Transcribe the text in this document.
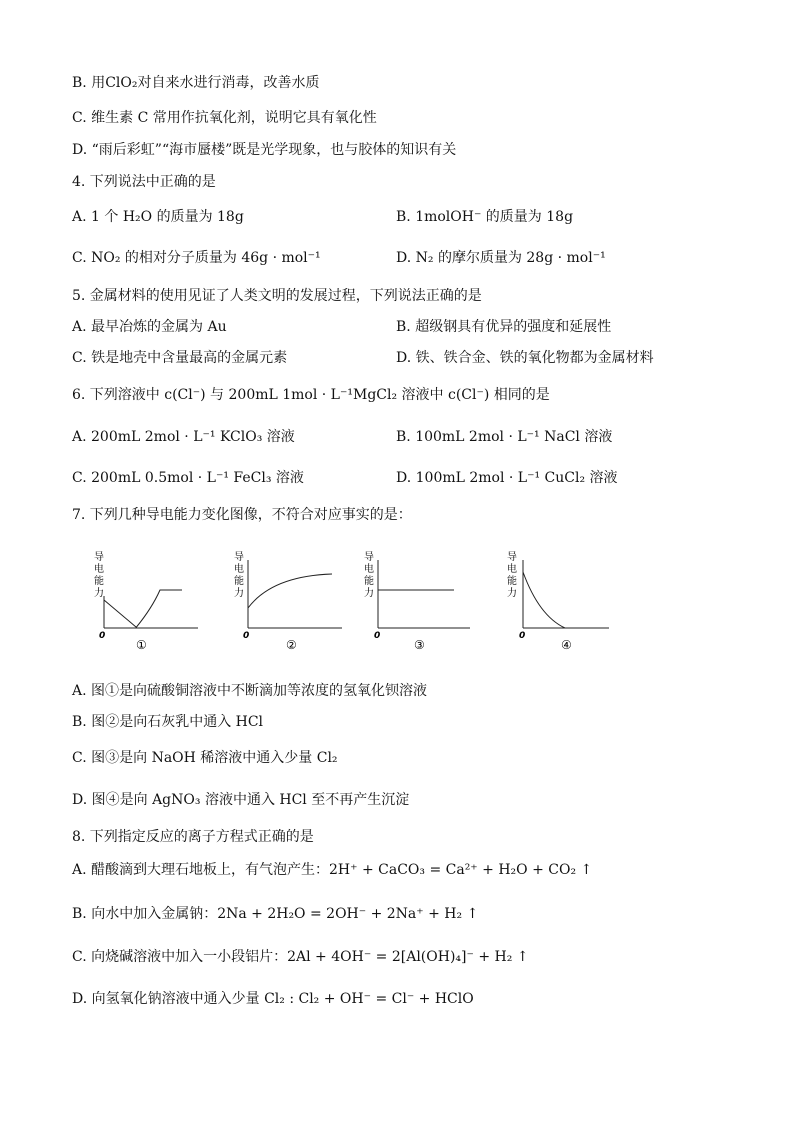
B. 用ClO₂对自来水进行消毒，改善水质
C. 维生素 C 常用作抗氧化剂，说明它具有氧化性
D. “雨后彩虹”“海市蜃楼”既是光学现象，也与胶体的知识有关
4. 下列说法中正确的是
A. 1 个 H₂O 的质量为 18g	B. 1molOH⁻ 的质量为 18g
C. NO₂ 的相对分子质量为 46g · mol⁻¹	D. N₂ 的摩尔质量为 28g · mol⁻¹
5. 金属材料的使用见证了人类文明的发展过程，下列说法正确的是
A. 最早冶炼的金属为 Au	B. 超级钢具有优异的强度和延展性
C. 铁是地壳中含量最高的金属元素	D. 铁、铁合金、铁的氧化物都为金属材料
6. 下列溶液中 c(Cl⁻) 与 200mL 1mol · L⁻¹MgCl₂ 溶液中 c(Cl⁻) 相同的是
A. 200mL 2mol · L⁻¹ KClO₃ 溶液	B. 100mL 2mol · L⁻¹ NaCl 溶液
C. 200mL 0.5mol · L⁻¹ FeCl₃ 溶液	D. 100mL 2mol · L⁻¹ CuCl₂ 溶液
7. 下列几种导电能力变化图像，不符合对应事实的是：
导
电
能
力
0
①
导
电
能
力
0
②
导
电
能
力
0
③
导
电
能
力
0
④
A. 图①是向硫酸铜溶液中不断滴加等浓度的氢氧化钡溶液
B. 图②是向石灰乳中通入 HCl
C. 图③是向 NaOH 稀溶液中通入少量 Cl₂
D. 图④是向 AgNO₃ 溶液中通入 HCl 至不再产生沉淀
8. 下列指定反应的离子方程式正确的是
A. 醋酸滴到大理石地板上，有气泡产生：2H⁺ + CaCO₃ = Ca²⁺ + H₂O + CO₂ ↑
B. 向水中加入金属钠：2Na + 2H₂O = 2OH⁻ + 2Na⁺ + H₂ ↑
C. 向烧碱溶液中加入一小段铝片：2Al + 4OH⁻ = 2[Al(OH)₄]⁻ + H₂ ↑
D. 向氢氧化钠溶液中通入少量 Cl₂ : Cl₂ + OH⁻ = Cl⁻ + HClO
